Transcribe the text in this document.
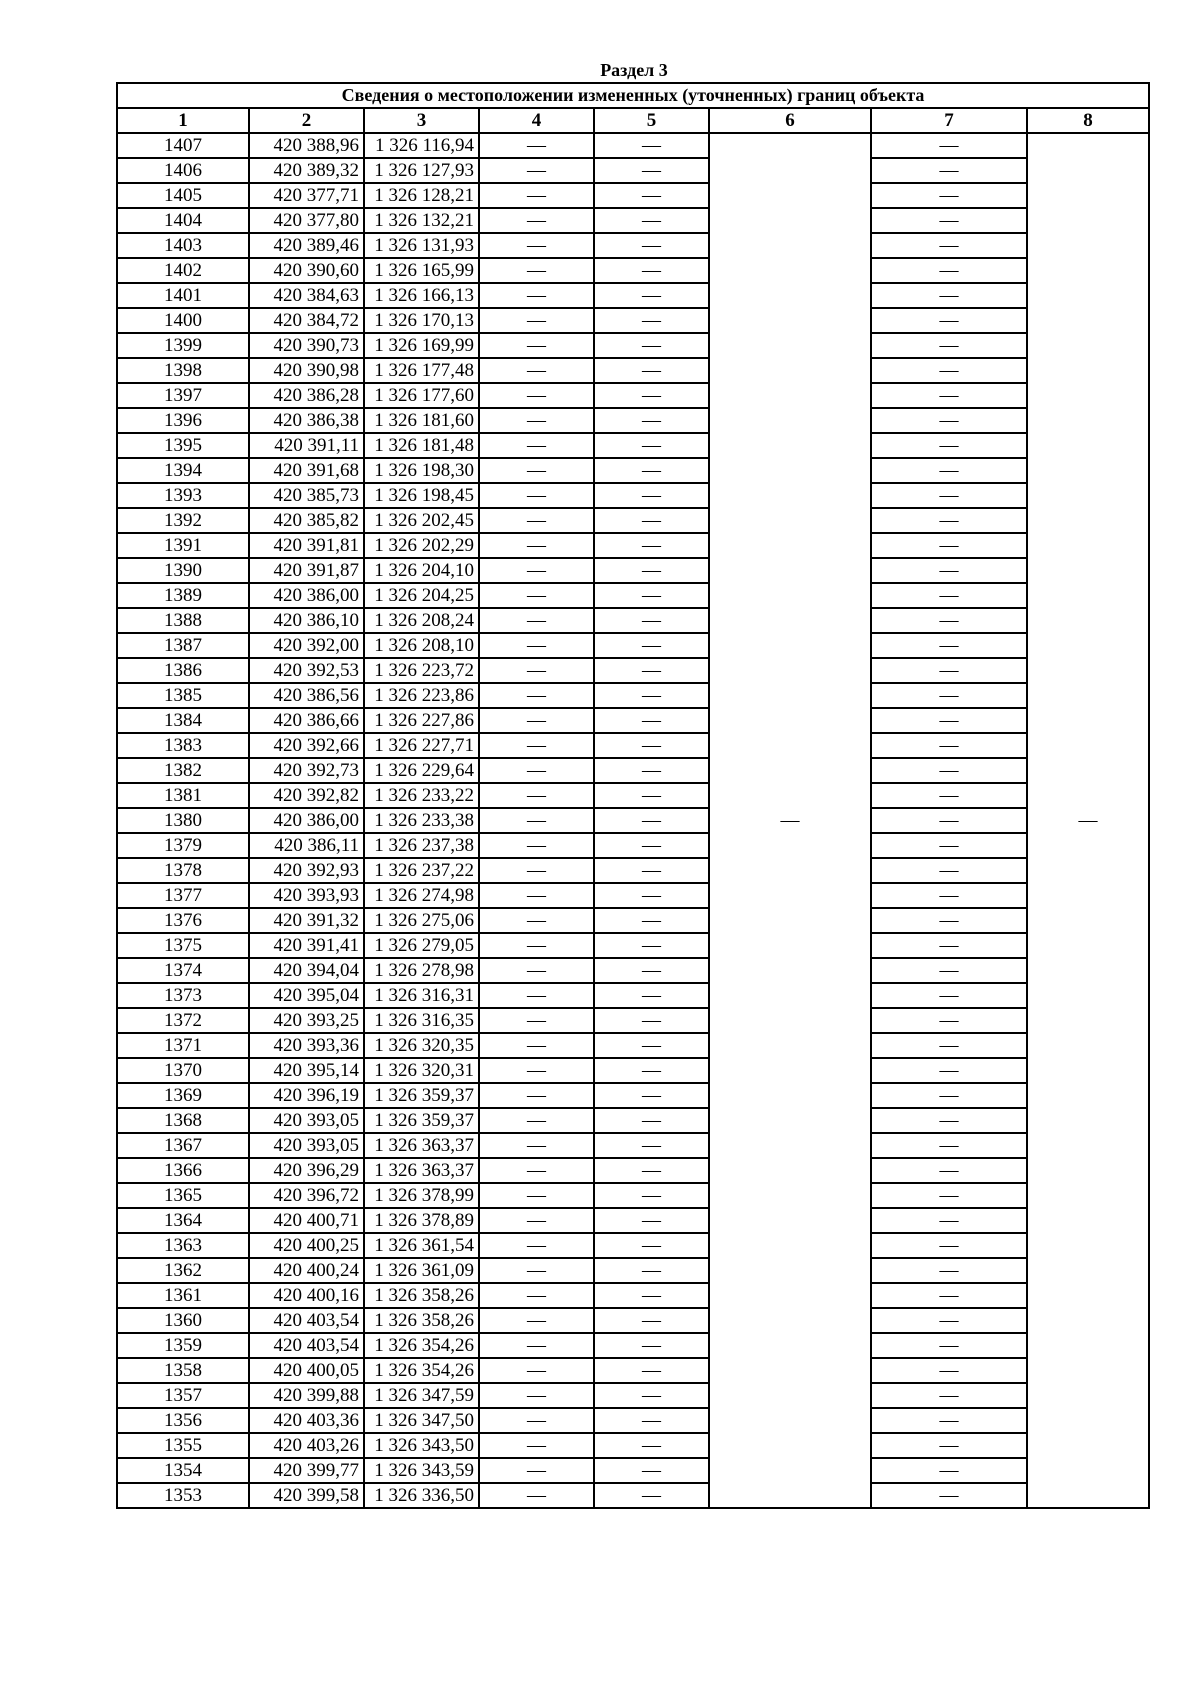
Раздел 3
Сведения о местоположении измененных (уточненных) границ объекта							
1	2	3	4	5	6	7	8
1407	420 388,96	1 326 116,94	—	—	—	—	—
1406	420 389,32	1 326 127,93	—	—		—	
1405	420 377,71	1 326 128,21	—	—		—	
1404	420 377,80	1 326 132,21	—	—		—	
1403	420 389,46	1 326 131,93	—	—		—	
1402	420 390,60	1 326 165,99	—	—		—	
1401	420 384,63	1 326 166,13	—	—		—	
1400	420 384,72	1 326 170,13	—	—		—	
1399	420 390,73	1 326 169,99	—	—		—	
1398	420 390,98	1 326 177,48	—	—		—	
1397	420 386,28	1 326 177,60	—	—		—	
1396	420 386,38	1 326 181,60	—	—		—	
1395	420 391,11	1 326 181,48	—	—		—	
1394	420 391,68	1 326 198,30	—	—		—	
1393	420 385,73	1 326 198,45	—	—		—	
1392	420 385,82	1 326 202,45	—	—		—	
1391	420 391,81	1 326 202,29	—	—		—	
1390	420 391,87	1 326 204,10	—	—		—	
1389	420 386,00	1 326 204,25	—	—		—	
1388	420 386,10	1 326 208,24	—	—		—	
1387	420 392,00	1 326 208,10	—	—		—	
1386	420 392,53	1 326 223,72	—	—		—	
1385	420 386,56	1 326 223,86	—	—		—	
1384	420 386,66	1 326 227,86	—	—		—	
1383	420 392,66	1 326 227,71	—	—		—	
1382	420 392,73	1 326 229,64	—	—		—	
1381	420 392,82	1 326 233,22	—	—		—	
1380	420 386,00	1 326 233,38	—	—		—	
1379	420 386,11	1 326 237,38	—	—		—	
1378	420 392,93	1 326 237,22	—	—		—	
1377	420 393,93	1 326 274,98	—	—		—	
1376	420 391,32	1 326 275,06	—	—		—	
1375	420 391,41	1 326 279,05	—	—		—	
1374	420 394,04	1 326 278,98	—	—		—	
1373	420 395,04	1 326 316,31	—	—		—	
1372	420 393,25	1 326 316,35	—	—		—	
1371	420 393,36	1 326 320,35	—	—		—	
1370	420 395,14	1 326 320,31	—	—		—	
1369	420 396,19	1 326 359,37	—	—		—	
1368	420 393,05	1 326 359,37	—	—		—	
1367	420 393,05	1 326 363,37	—	—		—	
1366	420 396,29	1 326 363,37	—	—		—	
1365	420 396,72	1 326 378,99	—	—		—	
1364	420 400,71	1 326 378,89	—	—		—	
1363	420 400,25	1 326 361,54	—	—		—	
1362	420 400,24	1 326 361,09	—	—		—	
1361	420 400,16	1 326 358,26	—	—		—	
1360	420 403,54	1 326 358,26	—	—		—	
1359	420 403,54	1 326 354,26	—	—		—	
1358	420 400,05	1 326 354,26	—	—		—	
1357	420 399,88	1 326 347,59	—	—		—	
1356	420 403,36	1 326 347,50	—	—		—	
1355	420 403,26	1 326 343,50	—	—		—	
1354	420 399,77	1 326 343,59	—	—		—	
1353	420 399,58	1 326 336,50	—	—		—	
